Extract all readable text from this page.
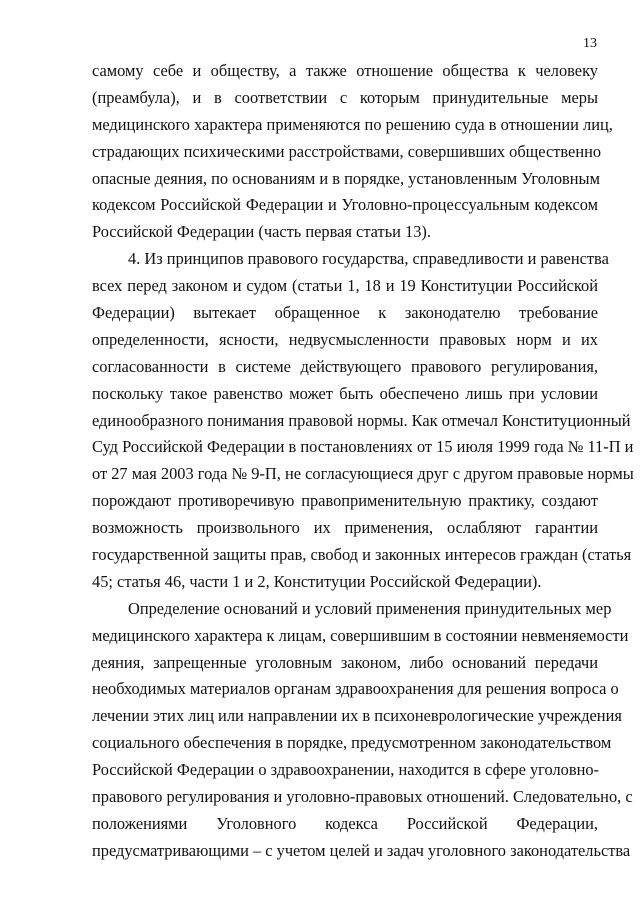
13
самому себе и обществу, а также отношение общества к человеку
(преамбула), и в соответствии с которым принудительные меры
медицинского характера применяются по решению суда в отношении лиц,
страдающих психическими расстройствами, совершивших общественно
опасные деяния, по основаниям и в порядке, установленным Уголовным
кодексом Российской Федерации и Уголовно-процессуальным кодексом
Российской Федерации (часть первая статьи 13).
4. Из принципов правового государства, справедливости и равенства
всех перед законом и судом (статьи 1, 18 и 19 Конституции Российской
Федерации) вытекает обращенное к законодателю требование
определенности, ясности, недвусмысленности правовых норм и их
согласованности в системе действующего правового регулирования,
поскольку такое равенство может быть обеспечено лишь при условии
единообразного понимания правовой нормы. Как отмечал Конституционный
Суд Российской Федерации в постановлениях от 15 июля 1999 года № 11-П и
от 27 мая 2003 года № 9-П, не согласующиеся друг с другом правовые нормы
порождают противоречивую правоприменительную практику, создают
возможность произвольного их применения, ослабляют гарантии
государственной защиты прав, свобод и законных интересов граждан (статья
45; статья 46, части 1 и 2, Конституции Российской Федерации).
Определение оснований и условий применения принудительных мер
медицинского характера к лицам, совершившим в состоянии невменяемости
деяния, запрещенные уголовным законом, либо оснований передачи
необходимых материалов органам здравоохранения для решения вопроса о
лечении этих лиц или направлении их в психоневрологические учреждения
социального обеспечения в порядке, предусмотренном законодательством
Российской Федерации о здравоохранении, находится в сфере уголовно-
правового регулирования и уголовно-правовых отношений. Следовательно, с
положениями Уголовного кодекса Российской Федерации,
предусматривающими – с учетом целей и задач уголовного законодательства
